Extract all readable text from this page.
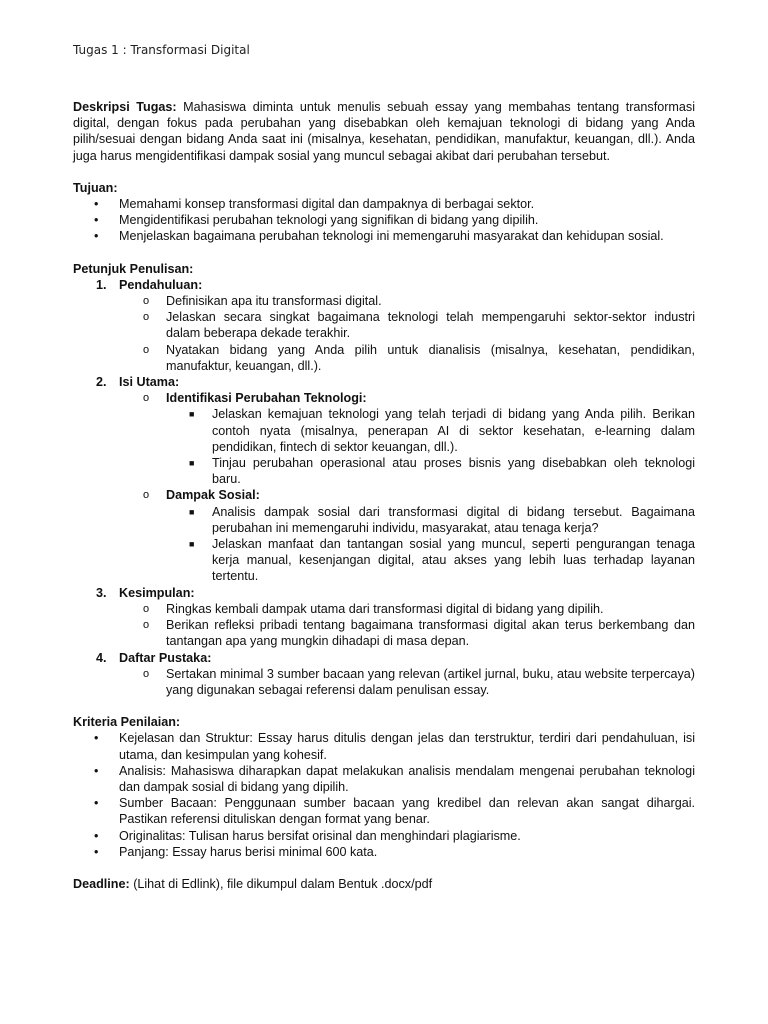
Tugas 1 : Transformasi Digital

Deskripsi Tugas: Mahasiswa diminta untuk menulis sebuah essay yang membahas tentang transformasi digital, dengan fokus pada perubahan yang disebabkan oleh kemajuan teknologi di bidang yang Anda pilih/sesuai dengan bidang Anda saat ini (misalnya, kesehatan, pendidikan, manufaktur, keuangan, dll.). Anda juga harus mengidentifikasi dampak sosial yang muncul sebagai akibat dari perubahan tersebut.

Tujuan:

• Memahami konsep transformasi digital dan dampaknya di berbagai sektor.
• Mengidentifikasi perubahan teknologi yang signifikan di bidang yang dipilih.
• Menjelaskan bagaimana perubahan teknologi ini memengaruhi masyarakat dan kehidupan sosial.

Petunjuk Penulisan:

1. Pendahuluan:
o Definisikan apa itu transformasi digital.
o Jelaskan secara singkat bagaimana teknologi telah mempengaruhi sektor-sektor industri dalam beberapa dekade terakhir.
o Nyatakan bidang yang Anda pilih untuk dianalisis (misalnya, kesehatan, pendidikan, manufaktur, keuangan, dll.).
2. Isi Utama:
o Identifikasi Perubahan Teknologi:
■ Jelaskan kemajuan teknologi yang telah terjadi di bidang yang Anda pilih. Berikan contoh nyata (misalnya, penerapan AI di sektor kesehatan, e-learning dalam pendidikan, fintech di sektor keuangan, dll.).
■ Tinjau perubahan operasional atau proses bisnis yang disebabkan oleh teknologi baru.
o Dampak Sosial:
■ Analisis dampak sosial dari transformasi digital di bidang tersebut. Bagaimana perubahan ini memengaruhi individu, masyarakat, atau tenaga kerja?
■ Jelaskan manfaat dan tantangan sosial yang muncul, seperti pengurangan tenaga kerja manual, kesenjangan digital, atau akses yang lebih luas terhadap layanan tertentu.
3. Kesimpulan:
o Ringkas kembali dampak utama dari transformasi digital di bidang yang dipilih.
o Berikan refleksi pribadi tentang bagaimana transformasi digital akan terus berkembang dan tantangan apa yang mungkin dihadapi di masa depan.
4. Daftar Pustaka:
o Sertakan minimal 3 sumber bacaan yang relevan (artikel jurnal, buku, atau website terpercaya) yang digunakan sebagai referensi dalam penulisan essay.

Kriteria Penilaian:

• Kejelasan dan Struktur: Essay harus ditulis dengan jelas dan terstruktur, terdiri dari pendahuluan, isi utama, dan kesimpulan yang kohesif.
• Analisis: Mahasiswa diharapkan dapat melakukan analisis mendalam mengenai perubahan teknologi dan dampak sosial di bidang yang dipilih.
• Sumber Bacaan: Penggunaan sumber bacaan yang kredibel dan relevan akan sangat dihargai. Pastikan referensi dituliskan dengan format yang benar.
• Originalitas: Tulisan harus bersifat orisinal dan menghindari plagiarisme.
• Panjang: Essay harus berisi minimal 600 kata.

Deadline: (Lihat di Edlink), file dikumpul dalam Bentuk .docx/pdf
